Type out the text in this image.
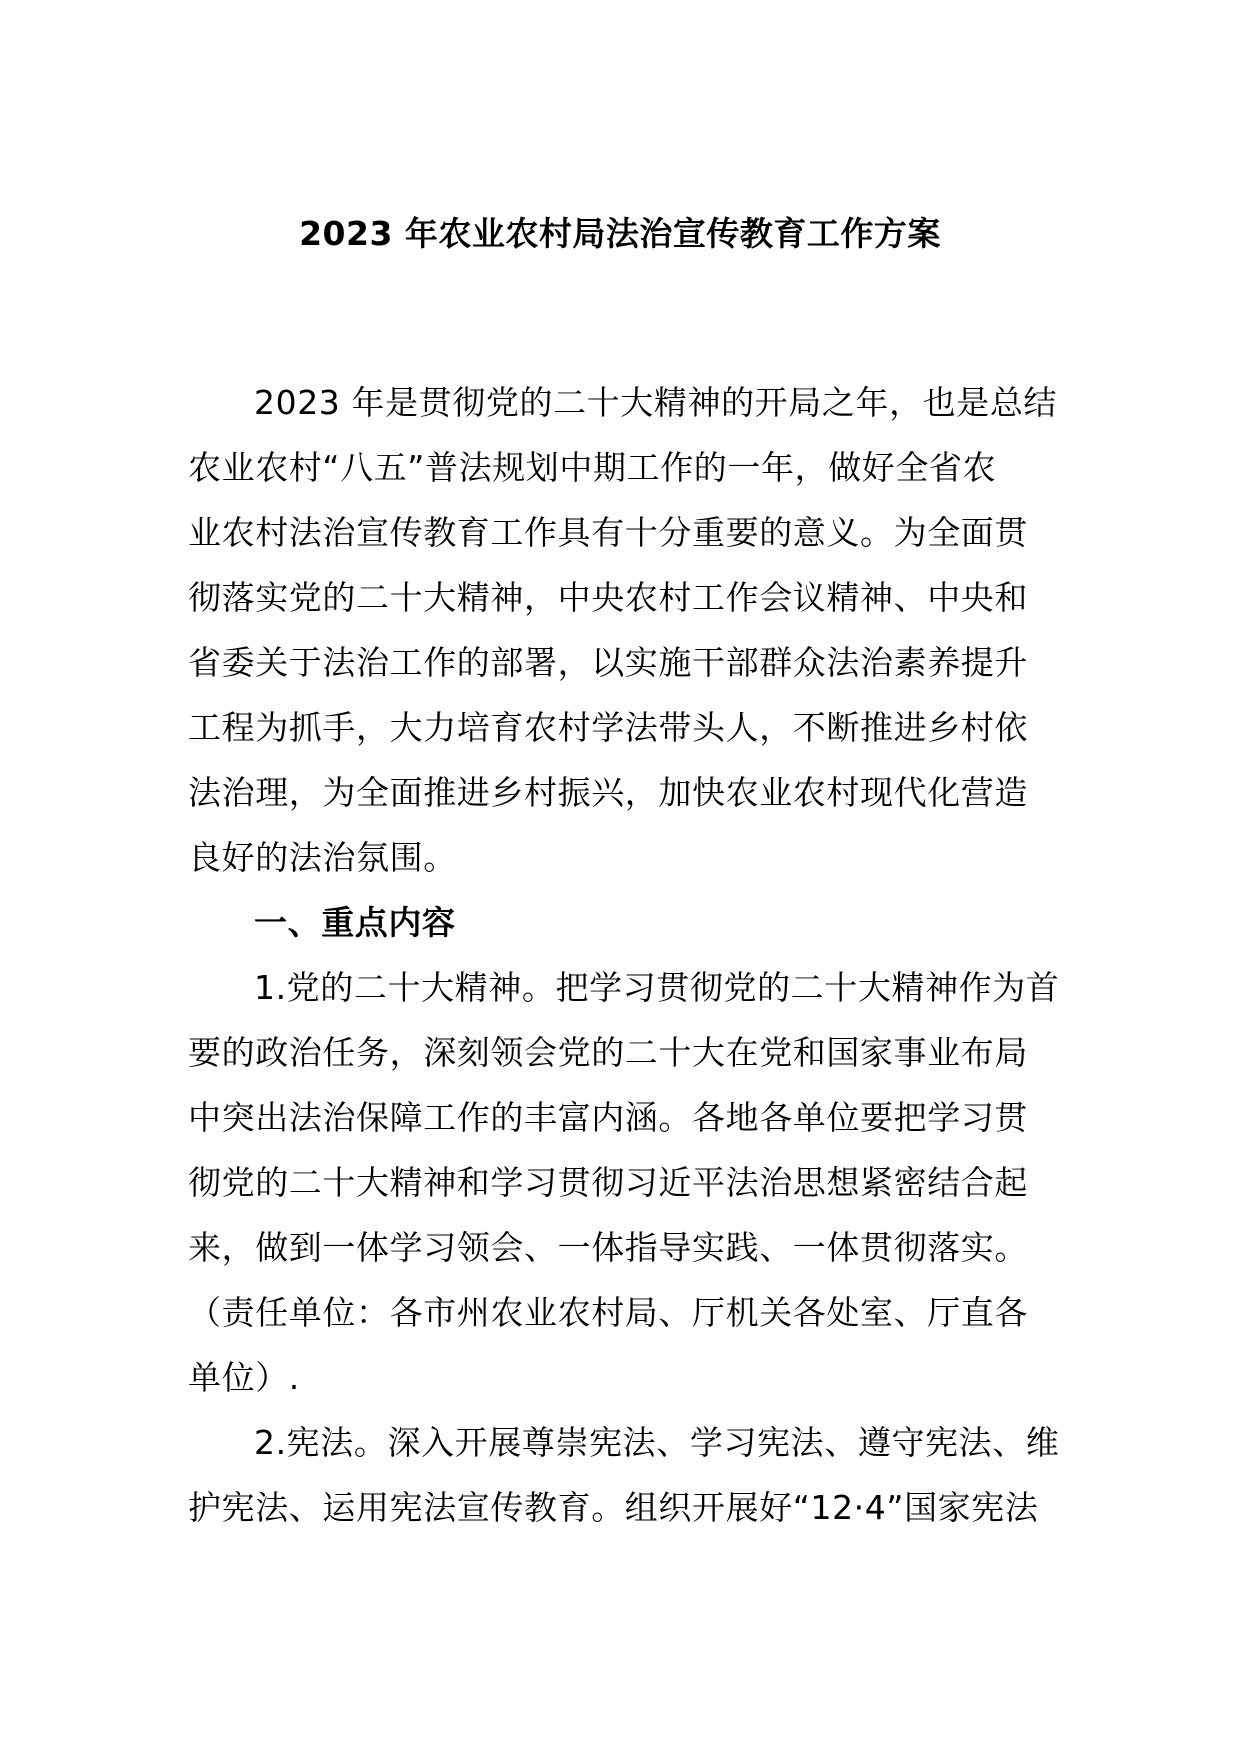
2023 年农业农村局法治宣传教育工作方案
2023 年是贯彻党的二十大精神的开局之年，也是总结
农业农村“八五”普法规划中期工作的一年，做好全省农
业农村法治宣传教育工作具有十分重要的意义。为全面贯
彻落实党的二十大精神，中央农村工作会议精神、中央和
省委关于法治工作的部署，以实施干部群众法治素养提升
工程为抓手，大力培育农村学法带头人，不断推进乡村依
法治理，为全面推进乡村振兴，加快农业农村现代化营造
良好的法治氛围。
一、重点内容
1.党的二十大精神。把学习贯彻党的二十大精神作为首
要的政治任务，深刻领会党的二十大在党和国家事业布局
中突出法治保障工作的丰富内涵。各地各单位要把学习贯
彻党的二十大精神和学习贯彻习近平法治思想紧密结合起
来，做到一体学习领会、一体指导实践、一体贯彻落实。
（责任单位：各市州农业农村局、厅机关各处室、厅直各
单位）.
2.宪法。深入开展尊崇宪法、学习宪法、遵守宪法、维
护宪法、运用宪法宣传教育。组织开展好“12·4”国家宪法
